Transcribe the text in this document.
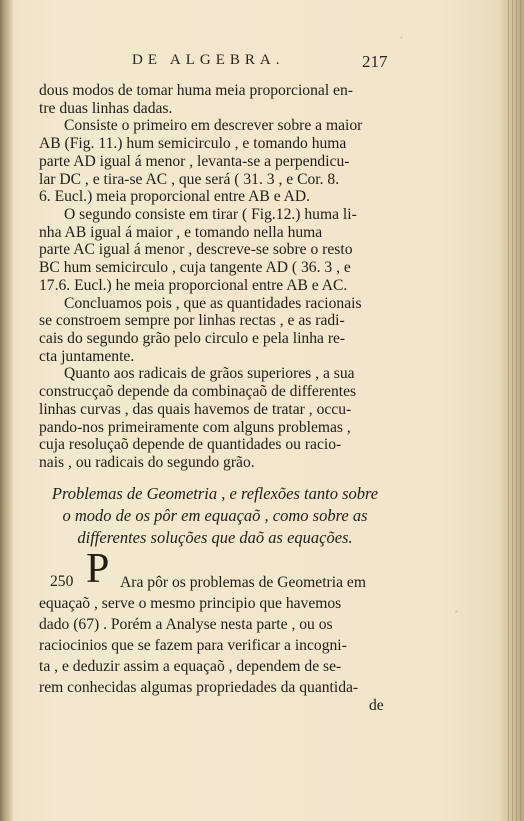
DE ALGEBRA.	217
dous modos de tomar huma meia proporcional en-
tre duas linhas dadas.
Consiste o primeiro em descrever sobre a maior
AB (Fig. 11.) hum semicirculo , e tomando huma
parte AD igual á menor , levanta-se a perpendicu-
lar DC , e tira-se AC , que será ( 31. 3 , e Cor. 8.
6. Eucl.) meia proporcional entre AB e AD.
O segundo consiste em tirar ( Fig.12.) huma li-
nha AB igual á maior , e tomando nella huma
parte AC igual á menor , descreve-se sobre o resto
BC hum semicirculo , cuja tangente AD ( 36. 3 , e
17.6. Eucl.) he meia proporcional entre AB e AC.
Concluamos pois , que as quantidades racionais
se constroem sempre por linhas rectas , e as radi-
cais do segundo grão pelo circulo e pela linha re-
cta juntamente.
Quanto aos radicais de grãos superiores , a sua
construcçaõ depende da combinaçaõ de differentes
linhas curvas , das quais havemos de tratar , occu-
pando-nos primeiramente com alguns problemas ,
cuja resoluçaõ depende de quantidades ou racio-
nais , ou radicais do segundo grão.
250 P Ara pôr os problemas de Geometria em
equaçaõ , serve o mesmo principio que havemos
dado (67) . Porém a Analyse nesta parte , ou os
raciocinios que se fazem para verificar a incogni-
ta , e deduzir assim a equaçaõ , dependem de se-
rem conhecidas algumas propriedades da quantida-
de
Problemas de Geometria , e reflexões tanto sobre
o modo de os pôr em equaçaõ , como sobre as
differentes soluções que daõ as equações.
